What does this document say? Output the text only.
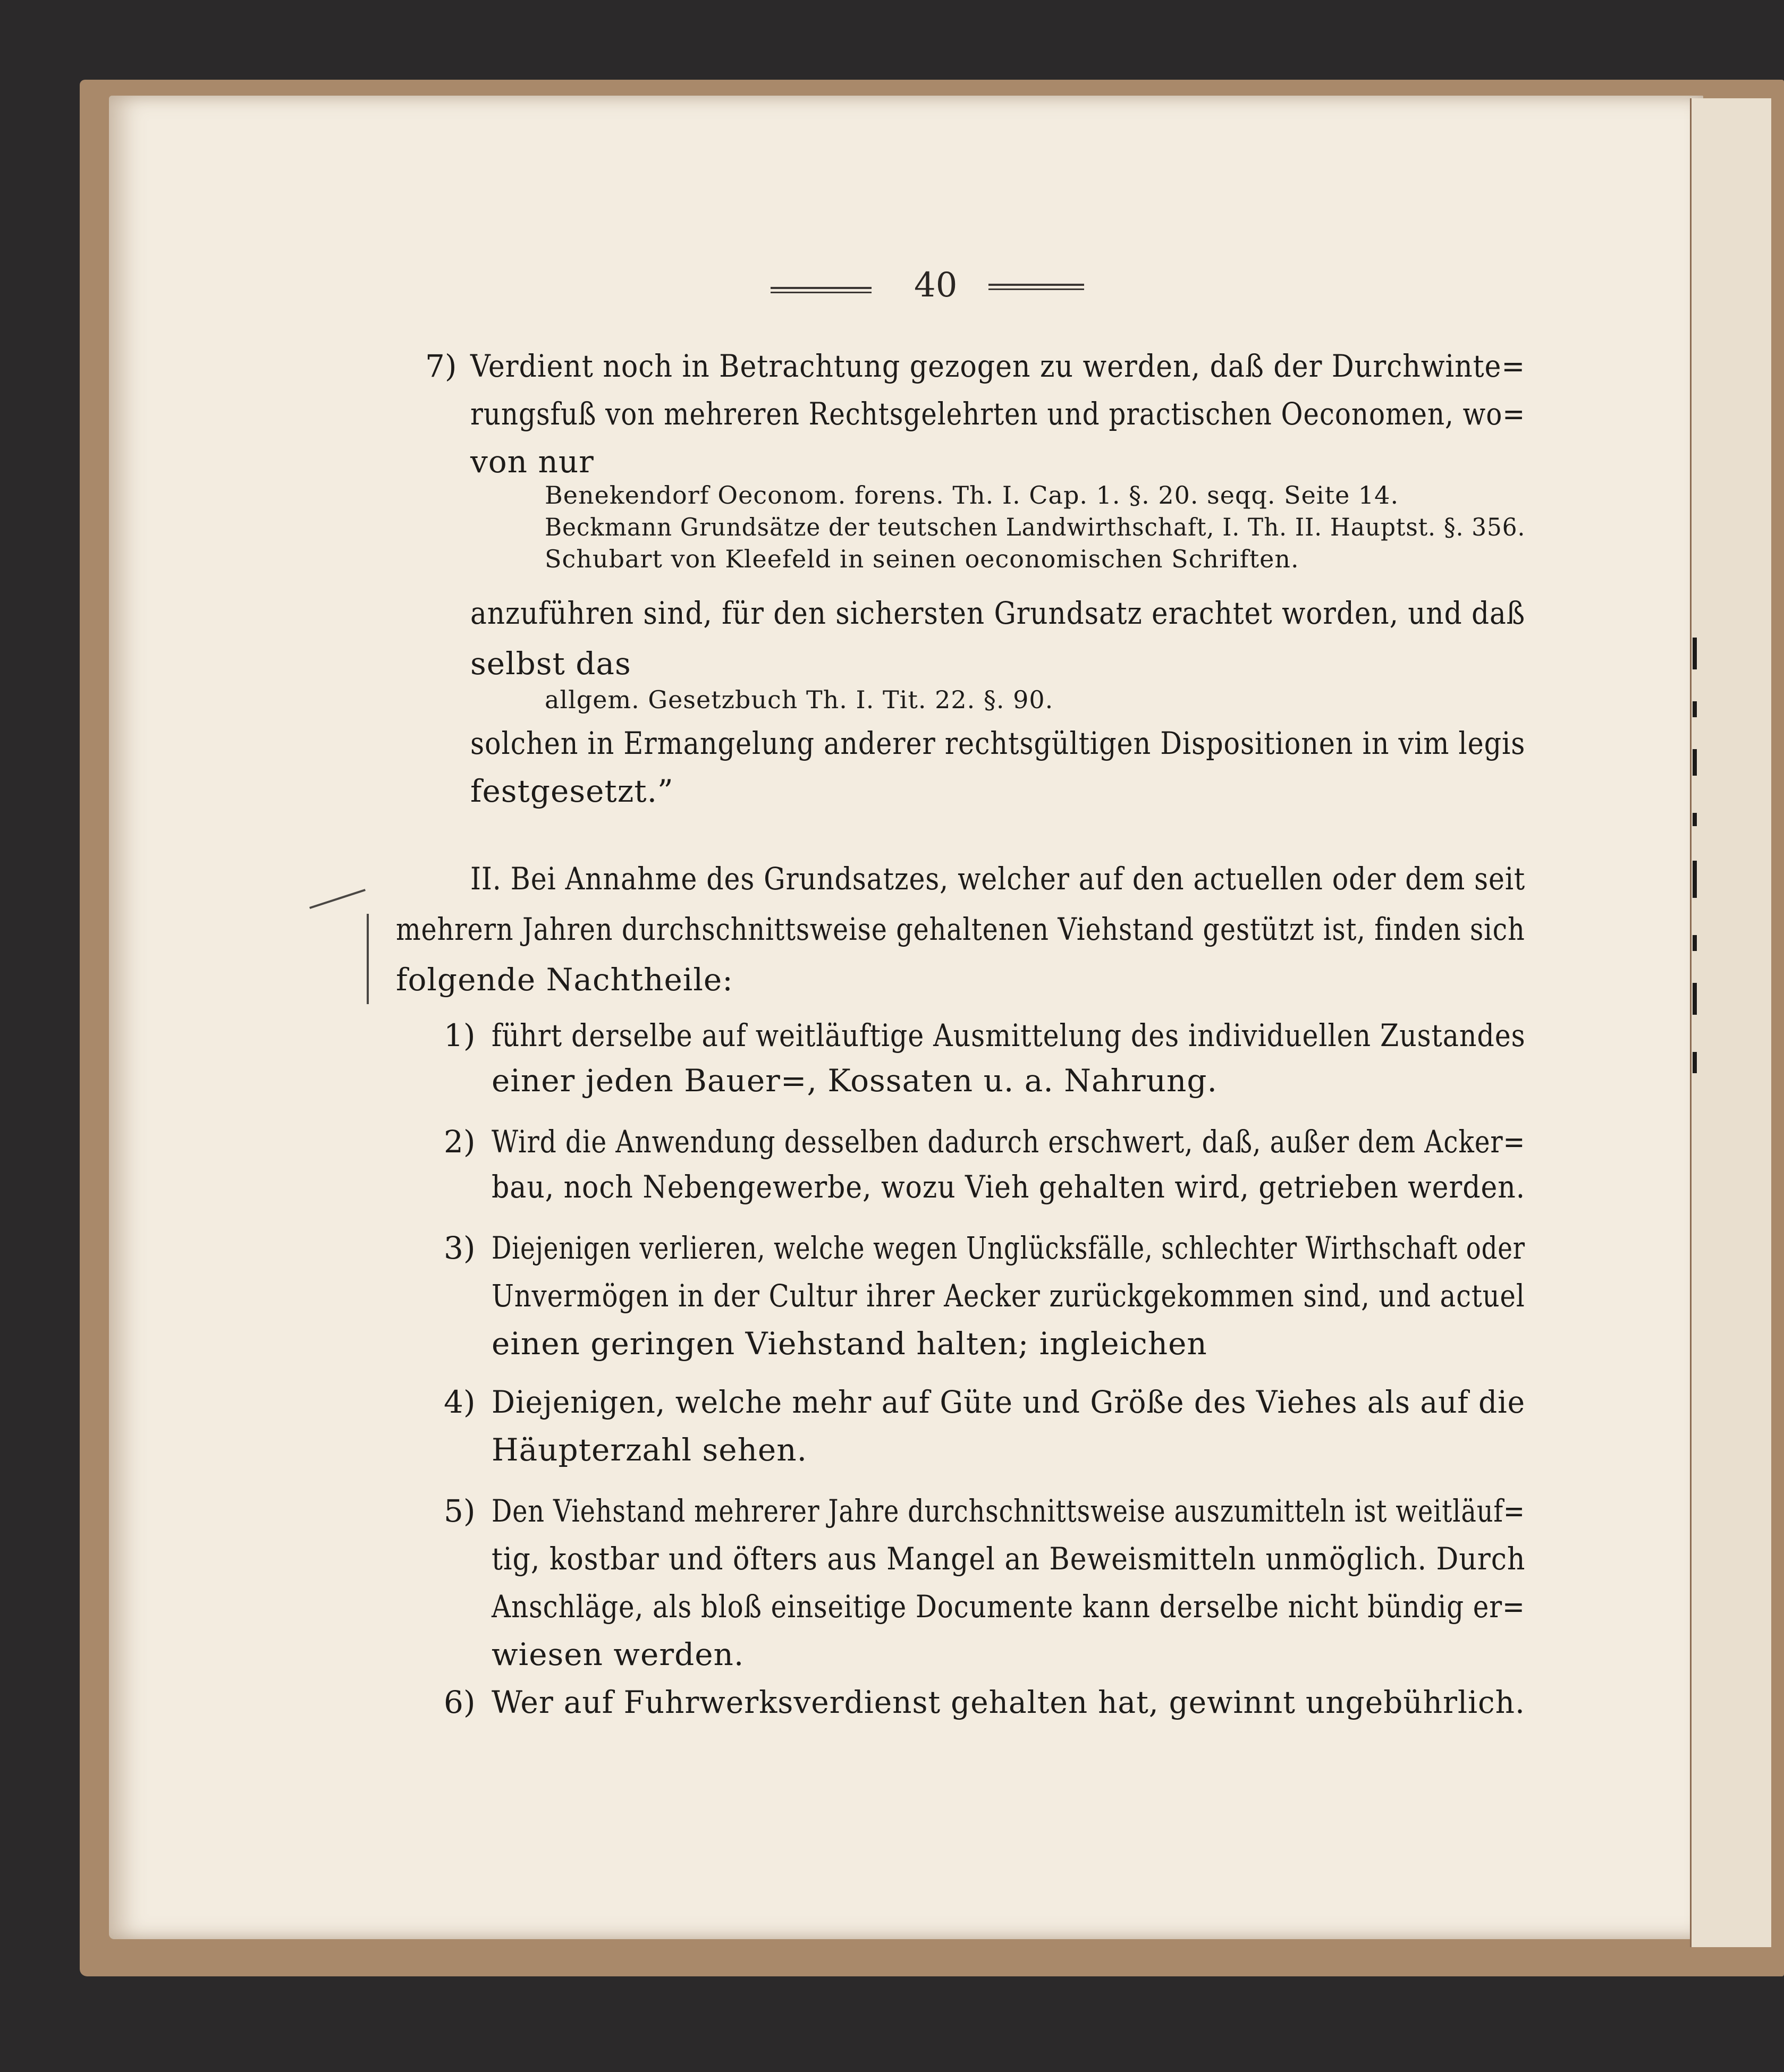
40
7) Verdient noch in Betrachtung gezogen zu werden, daß der Durchwinte=
rungsfuß von mehreren Rechtsgelehrten und practischen Oeconomen, wo=
von nur
Benekendorf Oeconom. forens. Th. I. Cap. 1. §. 20. seqq. Seite 14.
Beckmann Grundsätze der teutschen Landwirthschaft, I. Th. II. Hauptst. §. 356.
Schubart von Kleefeld in seinen oeconomischen Schriften.
anzuführen sind, für den sichersten Grundsatz erachtet worden, und daß
selbst das
allgem. Gesetzbuch Th. I. Tit. 22. §. 90.
solchen in Ermangelung anderer rechtsgültigen Dispositionen in vim legis
festgesetzt.”
II. Bei Annahme des Grundsatzes, welcher auf den actuellen oder dem seit
mehrern Jahren durchschnittsweise gehaltenen Viehstand gestützt ist, finden sich
folgende Nachtheile:
1) führt derselbe auf weitläuftige Ausmittelung des individuellen Zustandes
einer jeden Bauer=, Kossaten u. a. Nahrung.
2) Wird die Anwendung desselben dadurch erschwert, daß, außer dem Acker=
bau, noch Nebengewerbe, wozu Vieh gehalten wird, getrieben werden.
3) Diejenigen verlieren, welche wegen Unglücksfälle, schlechter Wirthschaft oder
Unvermögen in der Cultur ihrer Aecker zurückgekommen sind, und actuel
einen geringen Viehstand halten; ingleichen
4) Diejenigen, welche mehr auf Güte und Größe des Viehes als auf die
Häupterzahl sehen.
5) Den Viehstand mehrerer Jahre durchschnittsweise auszumitteln ist weitläuf=
tig, kostbar und öfters aus Mangel an Beweismitteln unmöglich. Durch
Anschläge, als bloß einseitige Documente kann derselbe nicht bündig er=
wiesen werden.
6) Wer auf Fuhrwerksverdienst gehalten hat, gewinnt ungebührlich.
